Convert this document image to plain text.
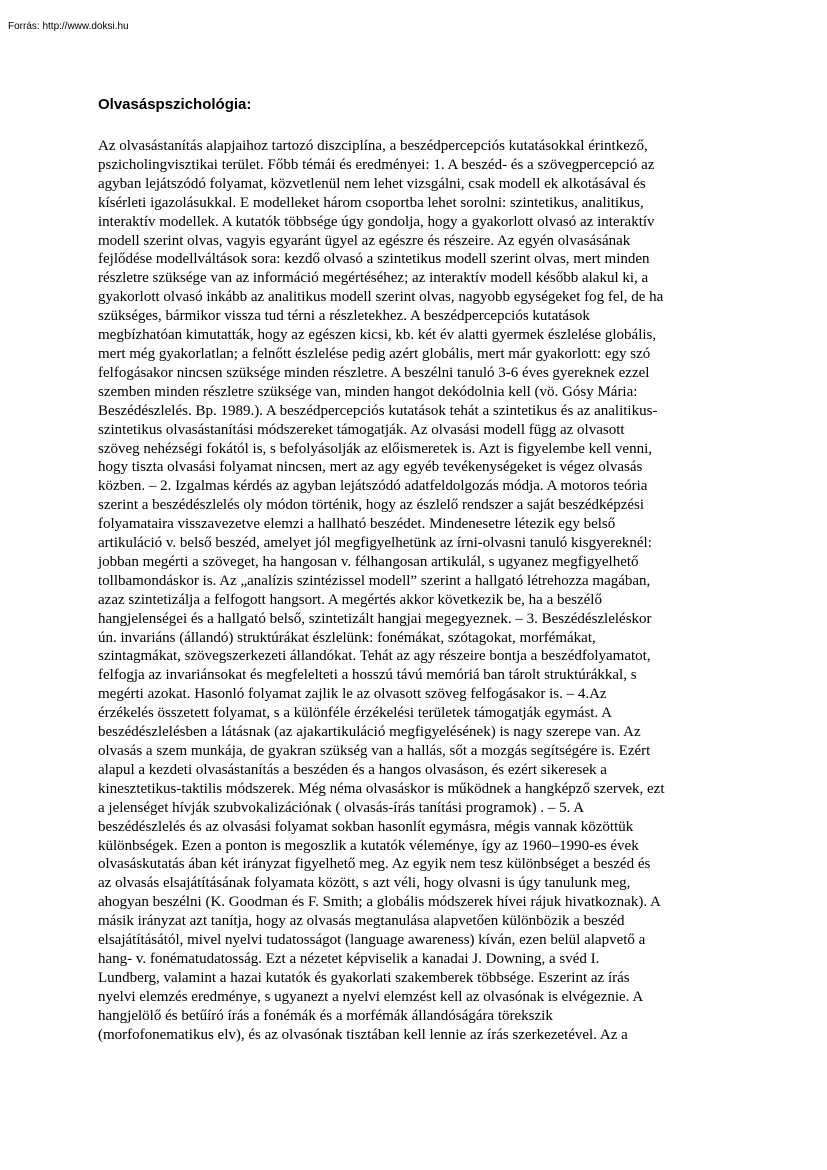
Forrás: http://www.doksi.hu

Olvasáspszichológia:
Az olvasástanítás alapjaihoz tartozó diszciplína, a beszédpercepciós kutatásokkal érintkező,
pszicholingvisztikai terület. Főbb témái és eredményei: 1. A beszéd- és a szövegpercepció az
agyban lejátszódó folyamat, közvetlenül nem lehet vizsgálni, csak modell ek alkotásával és
kísérleti igazolásukkal. E modelleket három csoportba lehet sorolni: szintetikus, analitikus,
interaktív modellek. A kutatók többsége úgy gondolja, hogy a gyakorlott olvasó az interaktív
modell szerint olvas, vagyis egyaránt ügyel az egészre és részeire. Az egyén olvasásának
fejlődése modellváltások sora: kezdő olvasó a szintetikus modell szerint olvas, mert minden
részletre szüksége van az információ megértéséhez; az interaktív modell később alakul ki, a
gyakorlott olvasó inkább az analitikus modell szerint olvas, nagyobb egységeket fog fel, de ha
szükséges, bármikor vissza tud térni a részletekhez. A beszédpercepciós kutatások
megbízhatóan kimutatták, hogy az egészen kicsi, kb. két év alatti gyermek észlelése globális,
mert még gyakorlatlan; a felnőtt észlelése pedig azért globális, mert már gyakorlott: egy szó
felfogásakor nincsen szüksége minden részletre. A beszélni tanuló 3-6 éves gyereknek ezzel
szemben minden részletre szüksége van, minden hangot dekódolnia kell (vö. Gósy Mária:
Beszédészlelés. Bp. 1989.). A beszédpercepciós kutatások tehát a szintetikus és az analitikus-
szintetikus olvasástanítási módszereket támogatják. Az olvasási modell függ az olvasott
szöveg nehézségi fokától is, s befolyásolják az előismeretek is. Azt is figyelembe kell venni,
hogy tiszta olvasási folyamat nincsen, mert az agy egyéb tevékenységeket is végez olvasás
közben. – 2. Izgalmas kérdés az agyban lejátszódó adatfeldolgozás módja. A motoros teória
szerint a beszédészlelés oly módon történik, hogy az észlelő rendszer a saját beszédképzési
folyamataira visszavezetve elemzi a hallható beszédet. Mindenesetre létezik egy belső
artikuláció v. belső beszéd, amelyet jól megfigyelhetünk az írni-olvasni tanuló kisgyereknél:
jobban megérti a szöveget, ha hangosan v. félhangosan artikulál, s ugyanez megfigyelhető
tollbamondáskor is. Az „analízis szintézissel modell” szerint a hallgató létrehozza magában,
azaz szintetizálja a felfogott hangsort. A megértés akkor következik be, ha a beszélő
hangjelenségei és a hallgató belső, szintetizált hangjai megegyeznek. – 3. Beszédészleléskor
ún. invariáns (állandó) struktúrákat észlelünk: fonémákat, szótagokat, morfémákat,
szintagmákat, szövegszerkezeti állandókat. Tehát az agy részeire bontja a beszédfolyamatot,
felfogja az invariánsokat és megfelelteti a hosszú távú memóriá ban tárolt struktúrákkal, s
megérti azokat. Hasonló folyamat zajlik le az olvasott szöveg felfogásakor is. – 4.Az
érzékelés összetett folyamat, s a különféle érzékelési területek támogatják egymást. A
beszédészlelésben a látásnak (az ajakartikuláció megfigyelésének) is nagy szerepe van. Az
olvasás a szem munkája, de gyakran szükség van a hallás, sőt a mozgás segítségére is. Ezért
alapul a kezdeti olvasástanítás a beszéden és a hangos olvasáson, és ezért sikeresek a
kinesztetikus-taktilis módszerek. Még néma olvasáskor is működnek a hangképző szervek, ezt
a jelenséget hívják szubvokalizációnak ( olvasás-írás tanítási programok) . – 5. A
beszédészlelés és az olvasási folyamat sokban hasonlít egymásra, mégis vannak közöttük
különbségek. Ezen a ponton is megoszlik a kutatók véleménye, így az 1960–1990-es évek
olvasáskutatás ában két irányzat figyelhető meg. Az egyik nem tesz különbséget a beszéd és
az olvasás elsajátításának folyamata között, s azt véli, hogy olvasni is úgy tanulunk meg,
ahogyan beszélni (K. Goodman és F. Smith; a globális módszerek hívei rájuk hivatkoznak). A
másik irányzat azt tanítja, hogy az olvasás megtanulása alapvetően különbözik a beszéd
elsajátításától, mivel nyelvi tudatosságot (language awareness) kíván, ezen belül alapvető a
hang- v. fonématudatosság. Ezt a nézetet képviselik a kanadai J. Downing, a svéd I.
Lundberg, valamint a hazai kutatók és gyakorlati szakemberek többsége. Eszerint az írás
nyelvi elemzés eredménye, s ugyanezt a nyelvi elemzést kell az olvasónak is elvégeznie. A
hangjelölő és betűíró írás a fonémák és a morfémák állandóságára törekszik
(morfofonematikus elv), és az olvasónak tisztában kell lennie az írás szerkezetével. Az a
